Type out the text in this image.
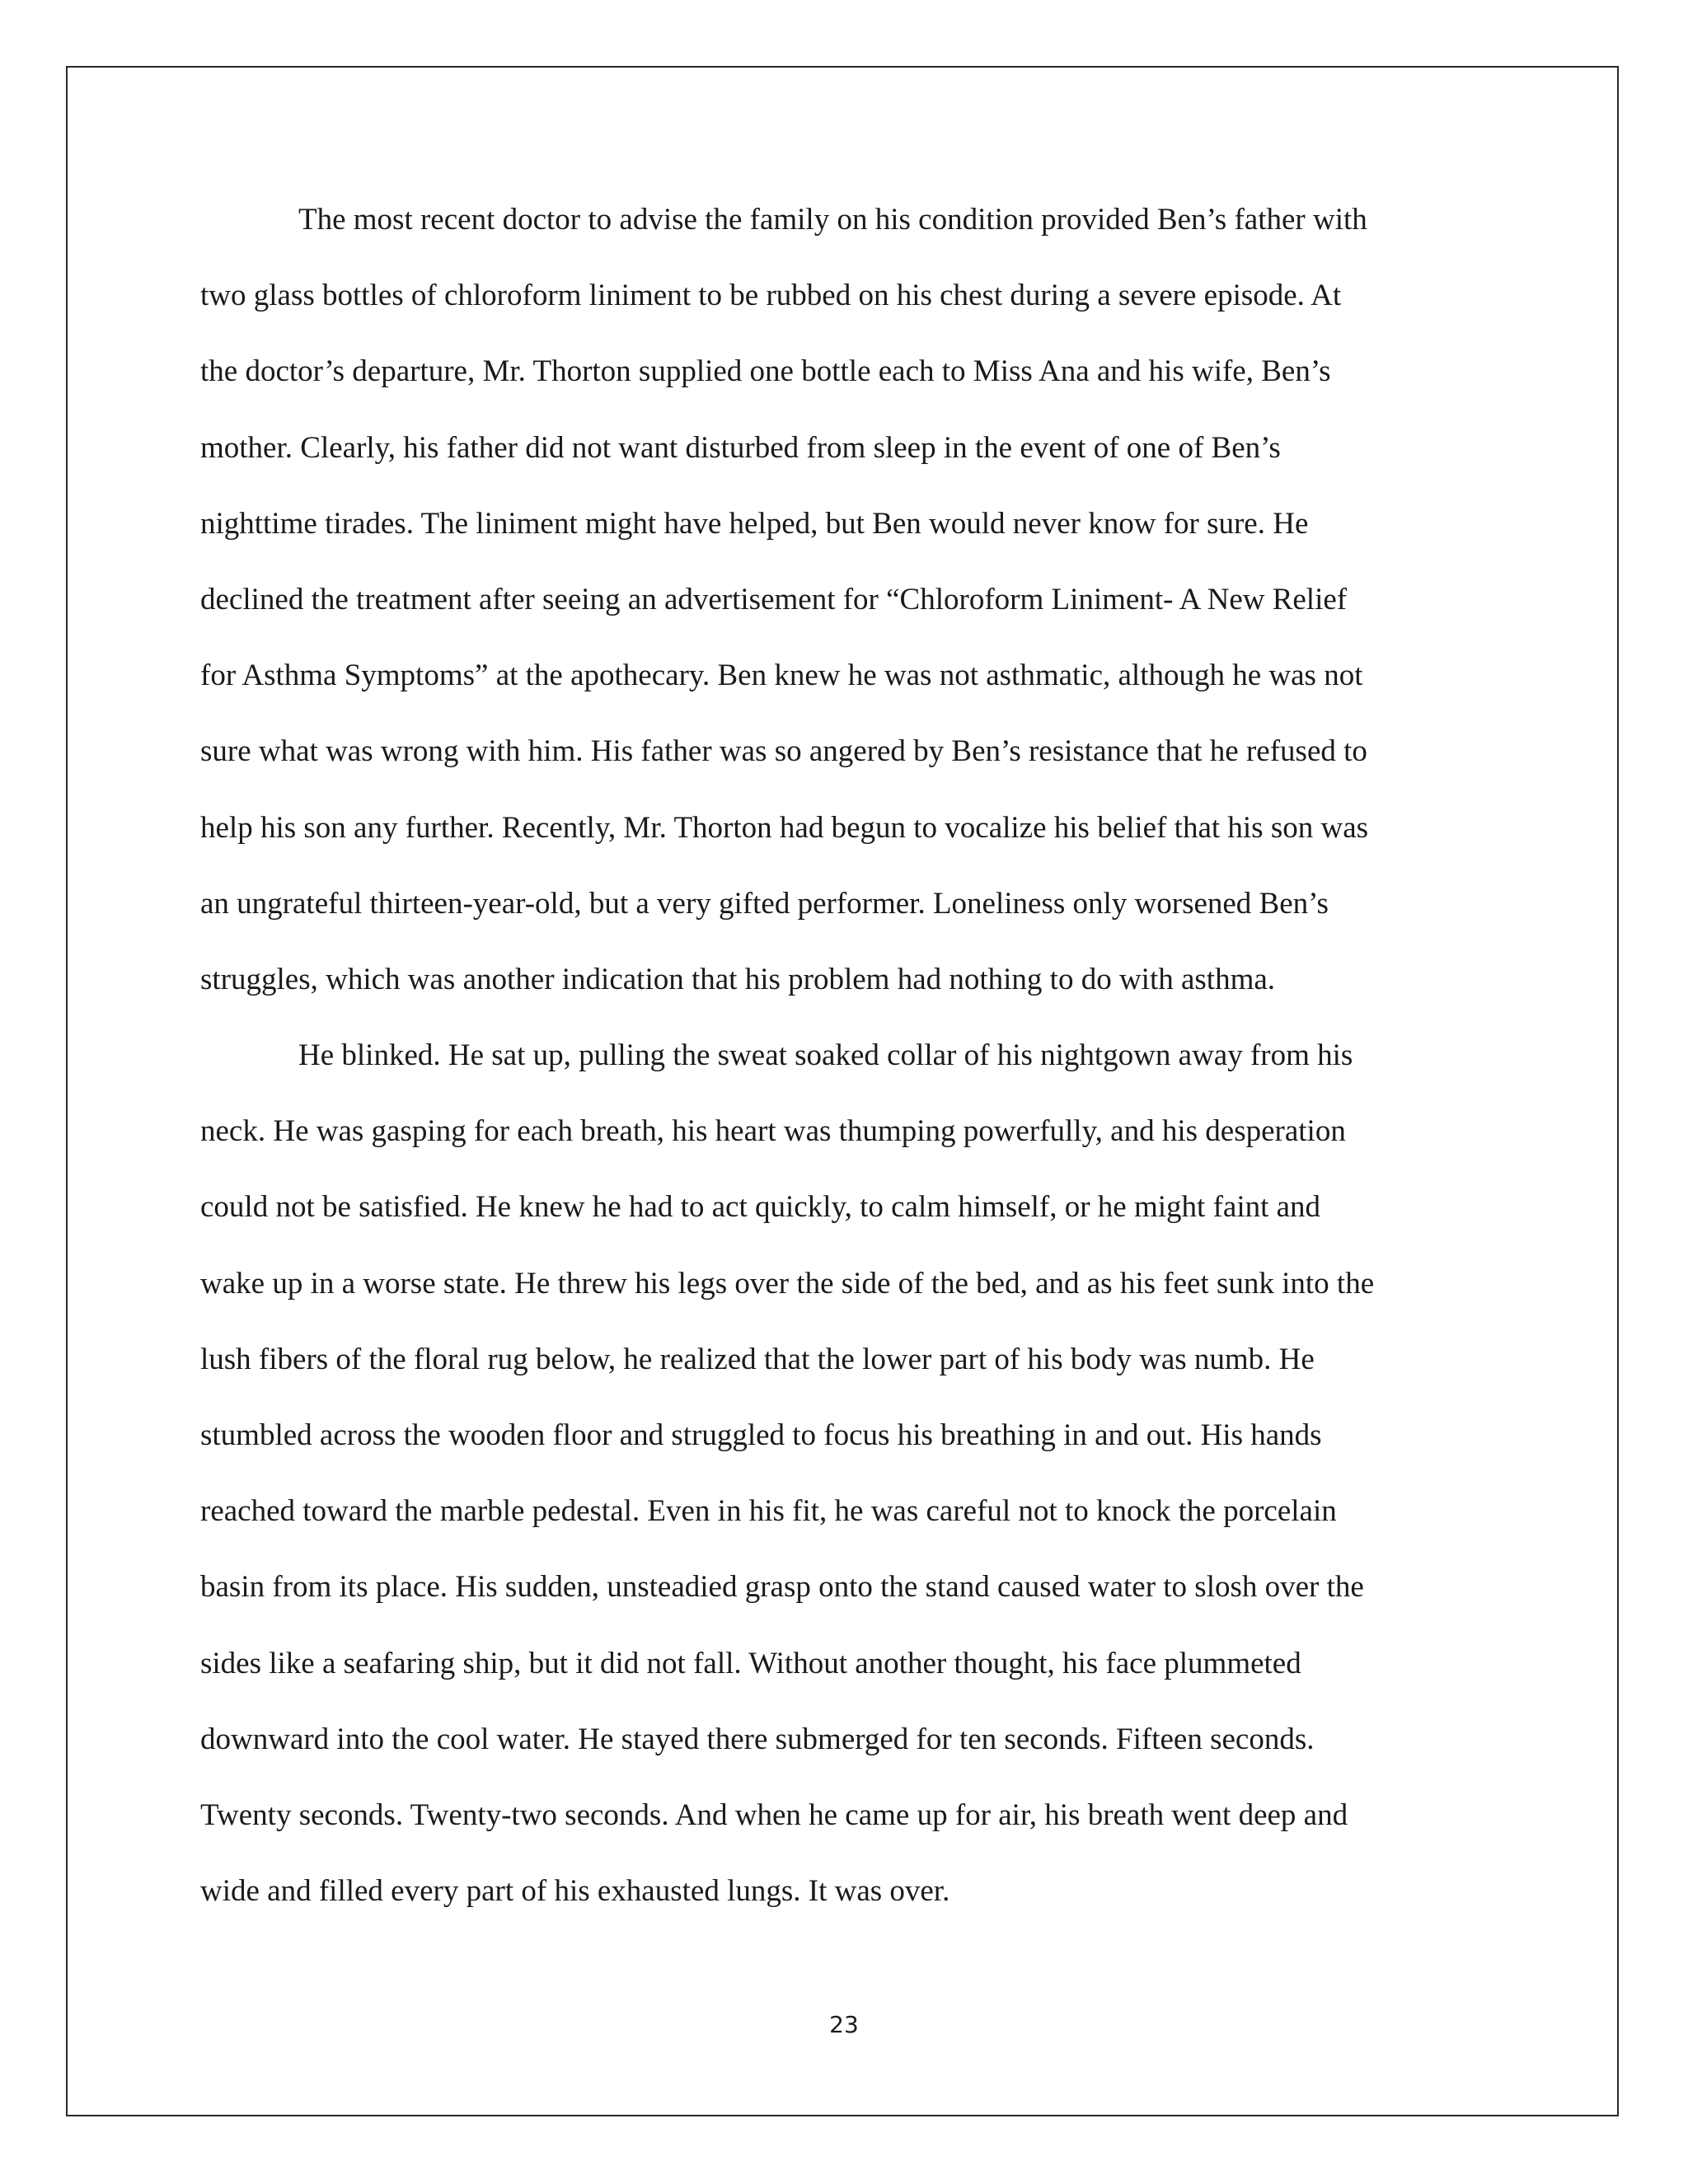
The most recent doctor to advise the family on his condition provided Ben’s father with
two glass bottles of chloroform liniment to be rubbed on his chest during a severe episode. At
the doctor’s departure, Mr. Thorton supplied one bottle each to Miss Ana and his wife, Ben’s
mother. Clearly, his father did not want disturbed from sleep in the event of one of Ben’s
nighttime tirades. The liniment might have helped, but Ben would never know for sure. He
declined the treatment after seeing an advertisement for “Chloroform Liniment- A New Relief
for Asthma Symptoms” at the apothecary. Ben knew he was not asthmatic, although he was not
sure what was wrong with him. His father was so angered by Ben’s resistance that he refused to
help his son any further. Recently, Mr. Thorton had begun to vocalize his belief that his son was
an ungrateful thirteen-year-old, but a very gifted performer. Loneliness only worsened Ben’s
struggles, which was another indication that his problem had nothing to do with asthma.
He blinked. He sat up, pulling the sweat soaked collar of his nightgown away from his
neck. He was gasping for each breath, his heart was thumping powerfully, and his desperation
could not be satisfied. He knew he had to act quickly, to calm himself, or he might faint and
wake up in a worse state. He threw his legs over the side of the bed, and as his feet sunk into the
lush fibers of the floral rug below, he realized that the lower part of his body was numb. He
stumbled across the wooden floor and struggled to focus his breathing in and out. His hands
reached toward the marble pedestal. Even in his fit, he was careful not to knock the porcelain
basin from its place. His sudden, unsteadied grasp onto the stand caused water to slosh over the
sides like a seafaring ship, but it did not fall. Without another thought, his face plummeted
downward into the cool water. He stayed there submerged for ten seconds. Fifteen seconds.
Twenty seconds. Twenty-two seconds. And when he came up for air, his breath went deep and
wide and filled every part of his exhausted lungs. It was over.
23
